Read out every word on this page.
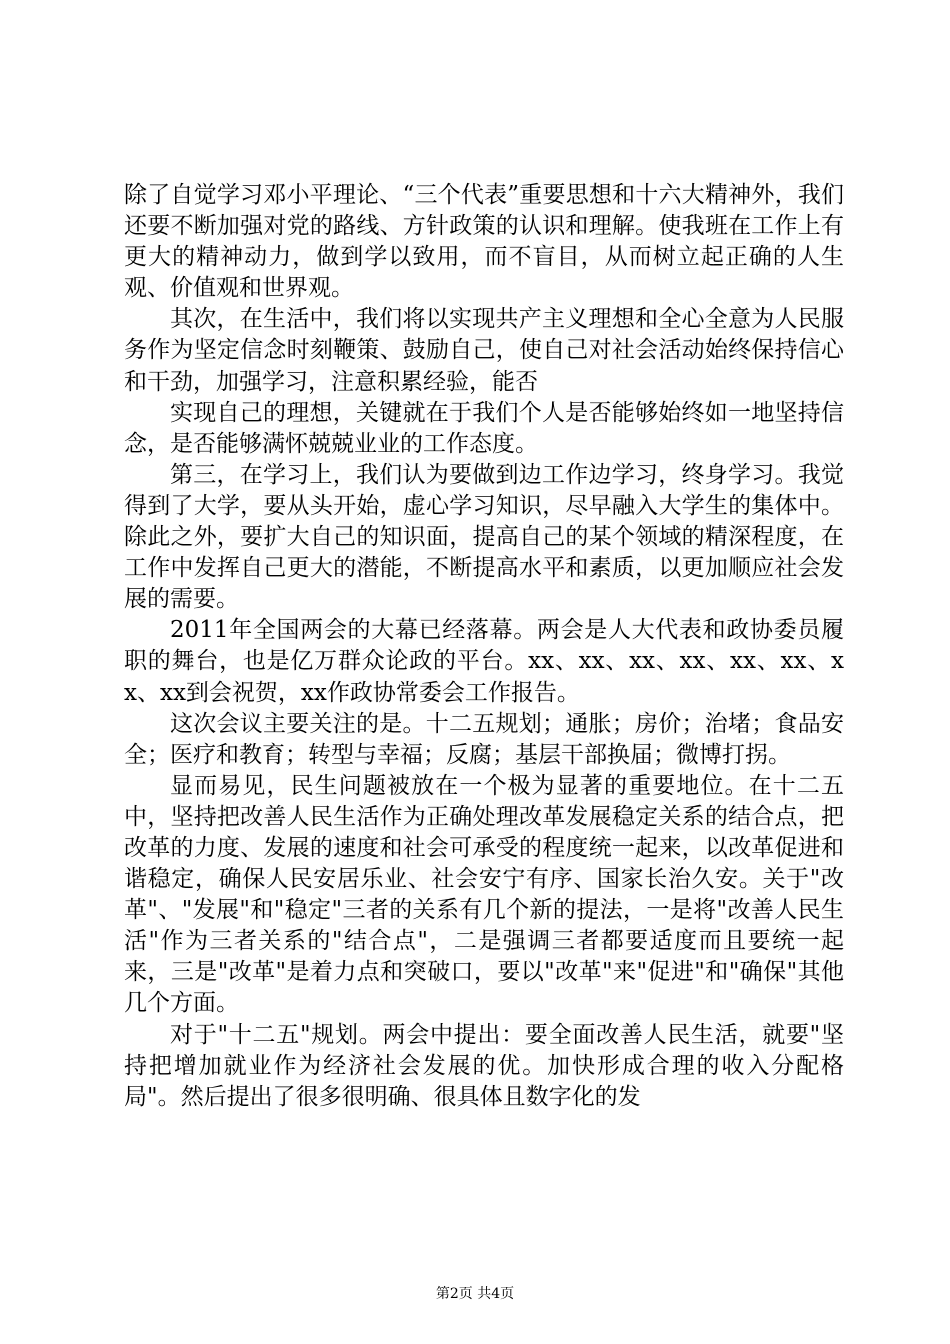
除了自觉学习邓小平理论、“三个代表”重要思想和十六大精神外，我们还要不断加强对党的路线、方针政策的认识和理解。使我班在工作上有更大的精神动力，做到学以致用，而不盲目，从而树立起正确的人生观、价值观和世界观。

其次，在生活中，我们将以实现共产主义理想和全心全意为人民服务作为坚定信念时刻鞭策、鼓励自己，使自己对社会活动始终保持信心和干劲，加强学习，注意积累经验，能否

实现自己的理想，关键就在于我们个人是否能够始终如一地坚持信念，是否能够满怀兢兢业业的工作态度。

第三，在学习上，我们认为要做到边工作边学习，终身学习。我觉得到了大学，要从头开始，虚心学习知识，尽早融入大学生的集体中。除此之外，要扩大自己的知识面，提高自己的某个领域的精深程度，在工作中发挥自己更大的潜能，不断提高水平和素质，以更加顺应社会发展的需要。

2011年全国两会的大幕已经落幕。两会是人大代表和政协委员履职的舞台，也是亿万群众论政的平台。xx、xx、xx、xx、xx、xx、xx、xx到会祝贺，xx作政协常委会工作报告。

这次会议主要关注的是。十二五规划；通胀；房价；治堵；食品安全；医疗和教育；转型与幸福；反腐；基层干部换届；微博打拐。

显而易见，民生问题被放在一个极为显著的重要地位。在十二五中，坚持把改善人民生活作为正确处理改革发展稳定关系的结合点，把改革的力度、发展的速度和社会可承受的程度统一起来，以改革促进和谐稳定，确保人民安居乐业、社会安宁有序、国家长治久安。关于"改革"、"发展"和"稳定"三者的关系有几个新的提法，一是将"改善人民生活"作为三者关系的"结合点"，二是强调三者都要适度而且要统一起来，三是"改革"是着力点和突破口，要以"改革"来"促进"和"确保"其他几个方面。

对于"十二五"规划。两会中提出：要全面改善人民生活，就要"坚持把增加就业作为经济社会发展的优。加快形成合理的收入分配格局"。然后提出了很多很明确、很具体且数字化的发

第2页 共4页
